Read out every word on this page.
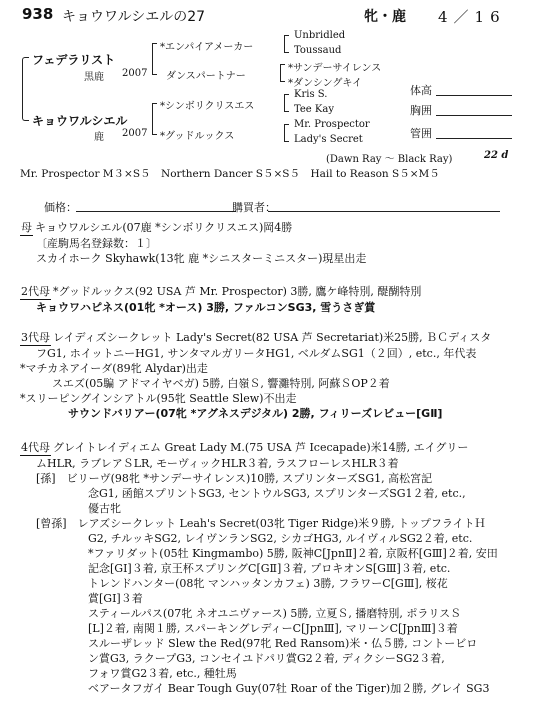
938 キョウワルシエルの27	牝・鹿 4／16
フェデラリスト
黒鹿 2007
キョウワルシエル
鹿 2007
*エンパイアメーカー
ダンスパートナー
*シンボリクリスエス
*グッドルックス
Unbridled
Toussaud
*サンデーサイレンス
*ダンシングキイ
Kris S.
Tee Kay
Mr. Prospector
Lady's Secret
(Dawn Ray ～ Black Ray)	22 d
体高
胸囲
管囲
Mr. Prospector M３×S５　Northern Dancer S５×S５　Hail to Reason S５×M５
価格：	購買者：
母 キョウワルシエル(07鹿 *シンボリクリスエス)岡4勝
〔産駒馬名登録数：１〕
スカイホーク Skyhawk(13牝 鹿 *シニスターミニスター)現星出走
2代母 *グッドルックス(92 USA 芦 Mr. Prospector) 3勝, 鷹ケ峰特別, 醍醐特別
キョウワハピネス(01牝 *オース) 3勝, ファルコンSG3, 雪うさぎ賞
3代母 レイディズシークレット Lady's Secret(82 USA 芦 Secretariat)米25勝, ＢＣディスタ
フG1, ホイットニーHG1, サンタマルガリータHG1, ベルダムSG1（２回）, etc., 年代表
*マチカネアイーダ(89牝 Alydar)出走
スエズ(05騙 アドマイヤベガ) 5勝, 白嶺Ｓ, 響灘特別, 阿蘇ＳOP２着
*スリーピングインシアトル(95牝 Seattle Slew)不出走
サウンドバリアー(07牝 *アグネスデジタル) 2勝, フィリーズレビュー[GⅡ]
4代母 グレイトレイディエム Great Lady M.(75 USA 芦 Icecapade)米14勝, エイグリー
ムHLR, ラブレアＳLR, モーヴィックHLR３着, ラスフローレスHLR３着
[孫]　ビリーヴ(98牝 *サンデーサイレンス)10勝, スプリンターズSG1, 高松宮記
念G1, 函館スプリントSG3, セントウルSG3, スプリンターズSG1２着, etc.,
優古牝
[曾孫]　レアズシークレット Leah's Secret(03牝 Tiger Ridge)米９勝, トップフライトＨ
G2, チルッキSG2, レイヴンランSG2, シカゴHG3, ルイヴィルSG2２着, etc.
*ファリダット(05牡 Kingmambo) 5勝, 阪神C[JpnⅡ]２着, 京阪杯[GⅢ]２着, 安田
記念[GⅠ]３着, 京王杯スプリングC[GⅡ]３着, プロキオンS[GⅢ]３着, etc.
トレンドハンター(08牝 マンハッタンカフェ) 3勝, フラワーC[GⅢ], 桜花
賞[GⅠ]３着
スティールパス(07牝 ネオユニヴァース) 5勝, 立夏Ｓ, 播磨特別, ポラリスＳ
[L]２着, 南関１勝, スパーキングレディーC[JpnⅢ], マリーンC[JpnⅢ]３着
スルーザレッド Slew the Red(97牝 Red Ransom)米・仏５勝, コントービロ
ン賞G3, ラクープG3, コンセイユドパリ賞G2２着, ディクシーSG2３着,
フォワ賞G2３着, etc., 種牡馬
ベアータフガイ Bear Tough Guy(07牡 Roar of the Tiger)加２勝, グレイ SG3
